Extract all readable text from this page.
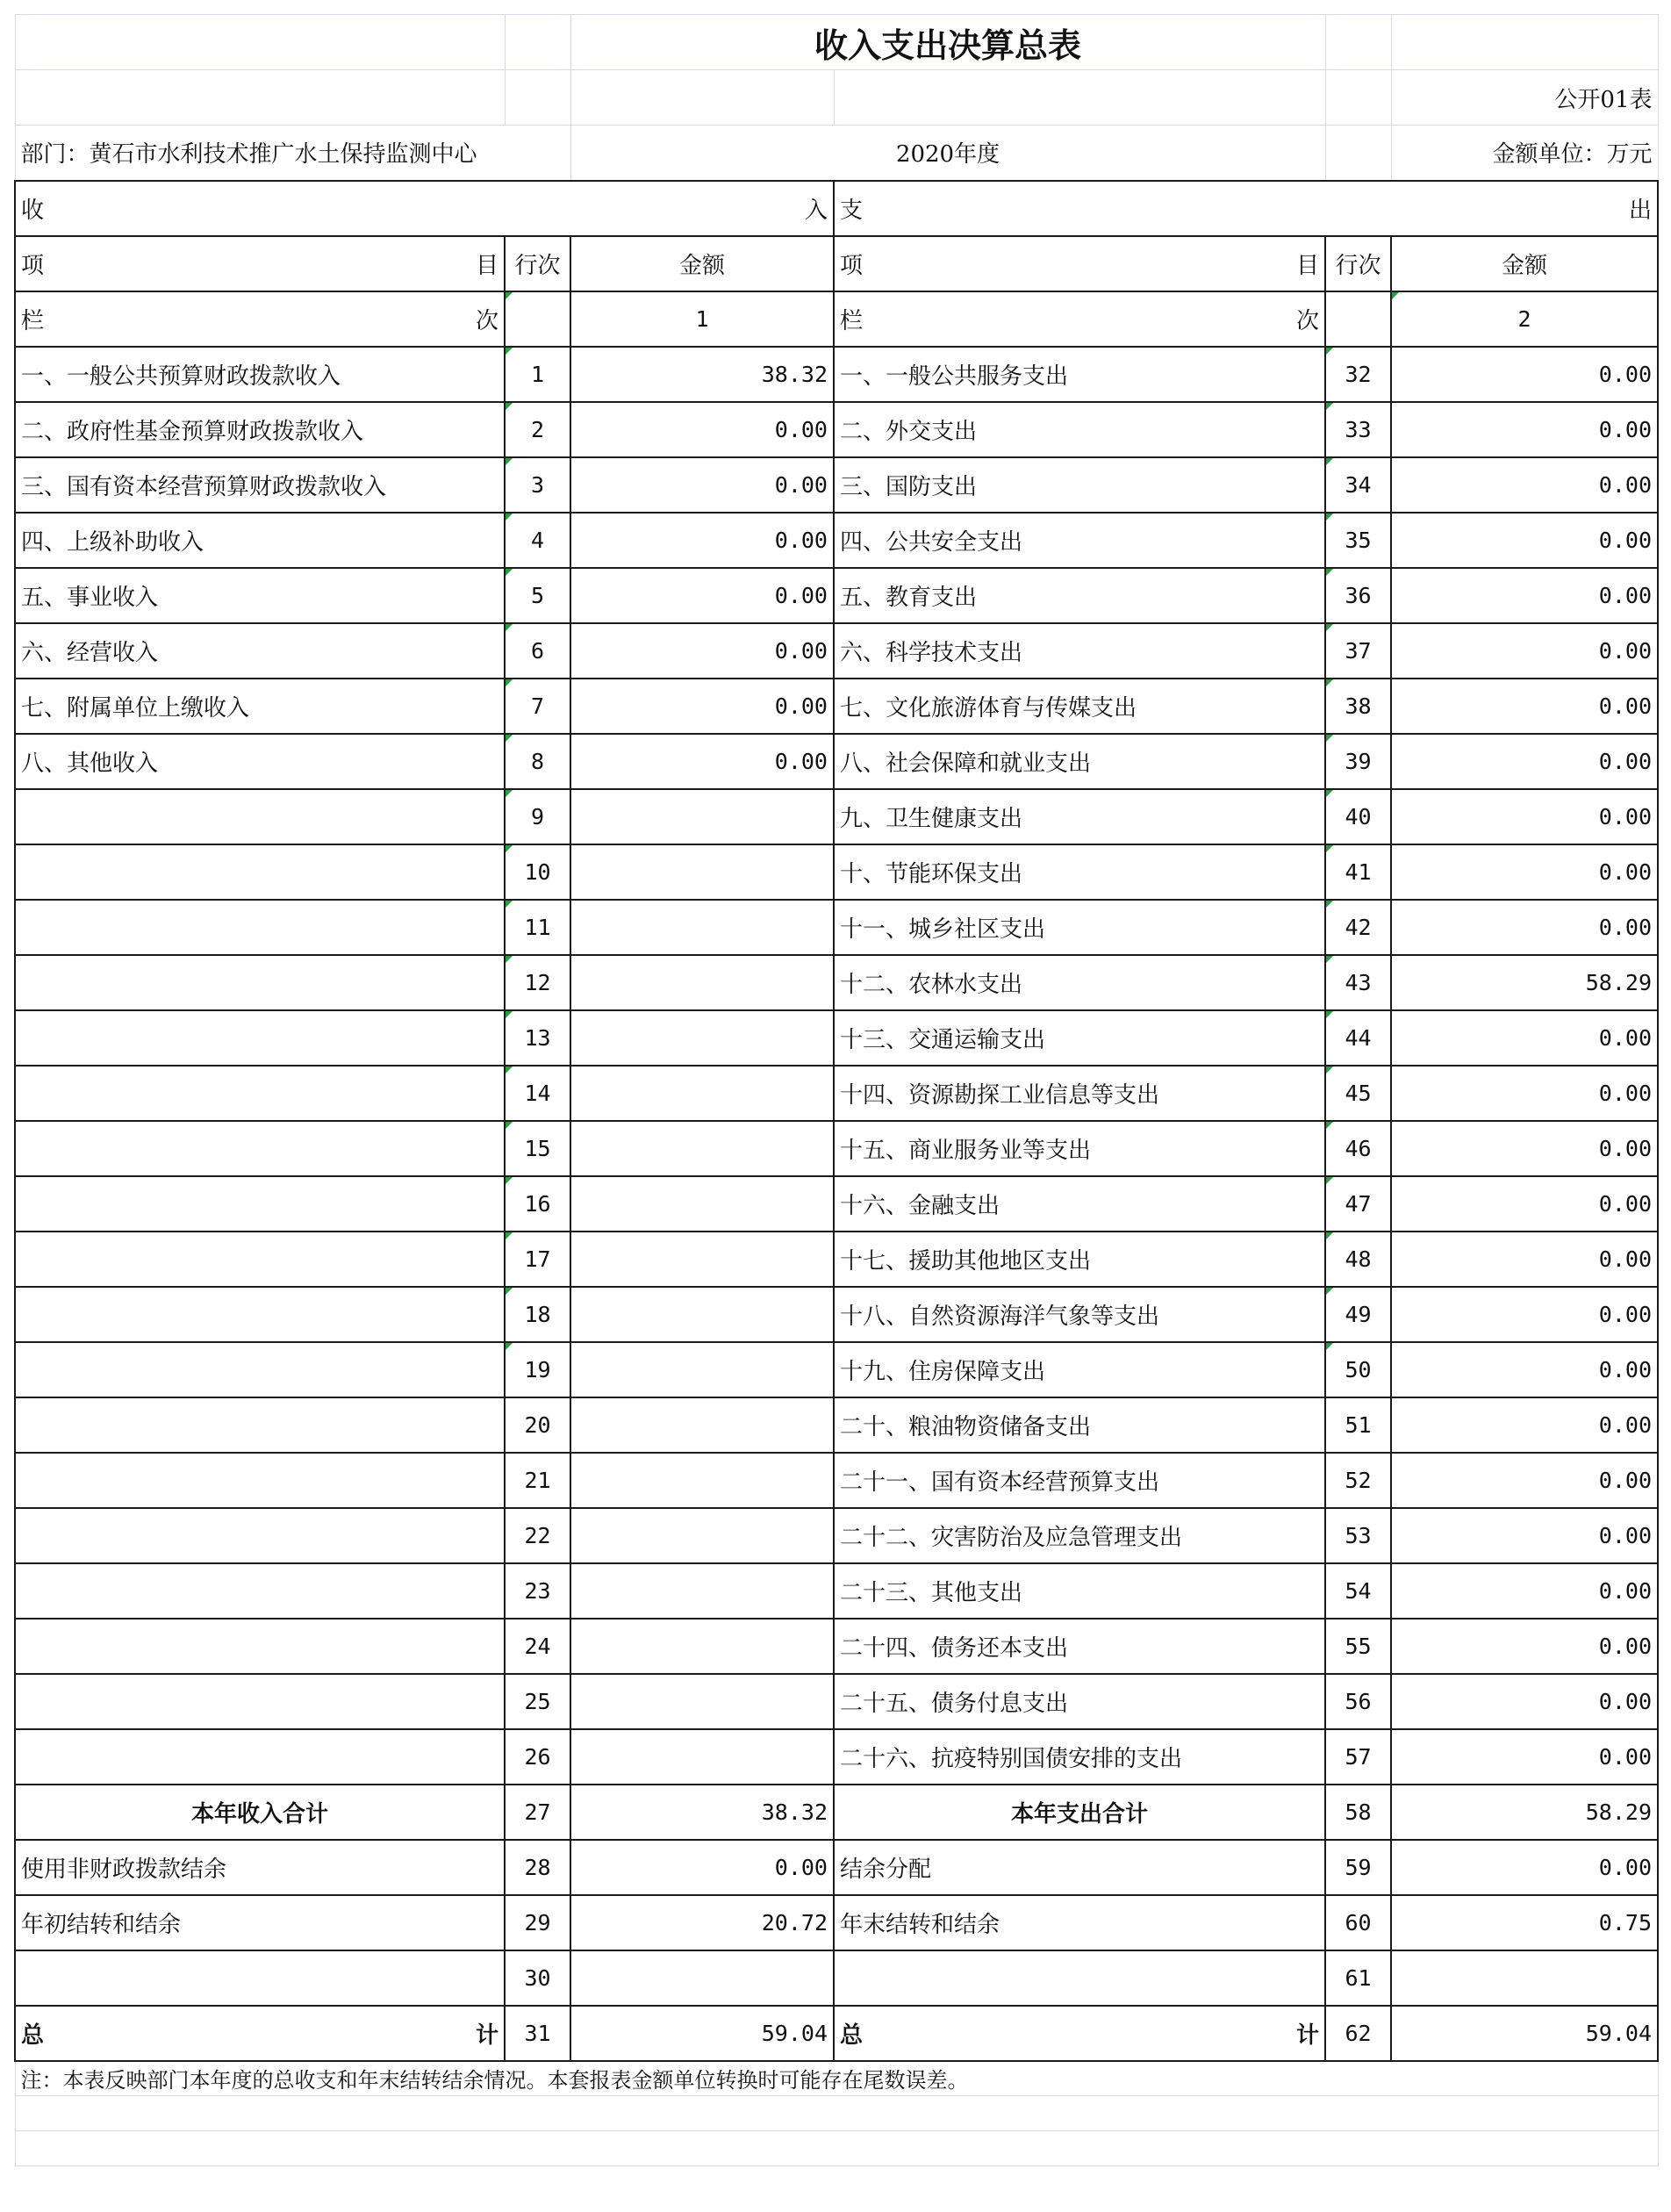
		收入支出决算总表			
					公开01表
部门：黄石市水利技术推广水土保持监测中心		2020年度			金额单位：万元

收 入			支 出		

项 目	行次	金额	项 目	行次	金额

栏 次		1	栏 次		2
一、一般公共预算财政拨款收入	1	38.32	一、一般公共服务支出	32	0.00
二、政府性基金预算财政拨款收入	2	0.00	二、外交支出	33	0.00
三、国有资本经营预算财政拨款收入	3	0.00	三、国防支出	34	0.00
四、上级补助收入	4	0.00	四、公共安全支出	35	0.00
五、事业收入	5	0.00	五、教育支出	36	0.00
六、经营收入	6	0.00	六、科学技术支出	37	0.00
七、附属单位上缴收入	7	0.00	七、文化旅游体育与传媒支出	38	0.00
八、其他收入	8	0.00	八、社会保障和就业支出	39	0.00
	9		九、卫生健康支出	40	0.00
	10		十、节能环保支出	41	0.00
	11		十一、城乡社区支出	42	0.00
	12		十二、农林水支出	43	58.29
	13		十三、交通运输支出	44	0.00
	14		十四、资源勘探工业信息等支出	45	0.00
	15		十五、商业服务业等支出	46	0.00
	16		十六、金融支出	47	0.00
	17		十七、援助其他地区支出	48	0.00
	18		十八、自然资源海洋气象等支出	49	0.00
	19		十九、住房保障支出	50	0.00
	20		二十、粮油物资储备支出	51	0.00
	21		二十一、国有资本经营预算支出	52	0.00
	22		二十二、灾害防治及应急管理支出	53	0.00
	23		二十三、其他支出	54	0.00
	24		二十四、债务还本支出	55	0.00
	25		二十五、债务付息支出	56	0.00
	26		二十六、抗疫特别国债安排的支出	57	0.00
本年收入合计	27	38.32	本年支出合计	58	58.29
使用非财政拨款结余	28	0.00	结余分配	59	0.00
年初结转和结余	29	20.72	年末结转和结余	60	0.75
	30			61	

总 计	31	59.04	总 计	62	59.04
注：本表反映部门本年度的总收支和年末结转结余情况。本套报表金额单位转换时可能存在尾数误差。					
